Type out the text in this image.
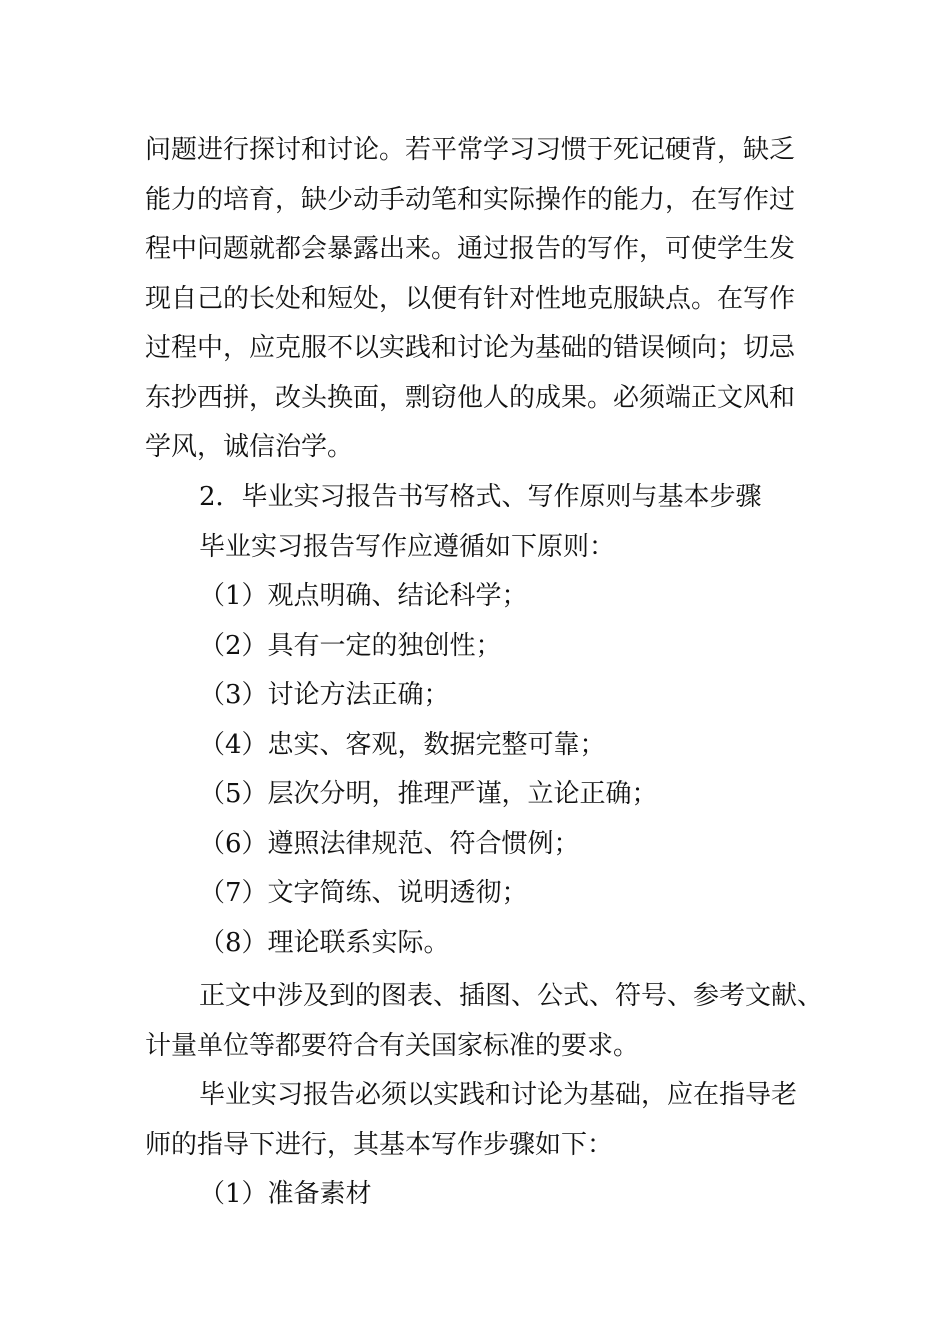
问题进行探讨和讨论。若平常学习习惯于死记硬背，缺乏
能力的培育，缺少动手动笔和实际操作的能力，在写作过
程中问题就都会暴露出来。通过报告的写作，可使学生发
现自己的长处和短处，以便有针对性地克服缺点。在写作
过程中，应克服不以实践和讨论为基础的错误倾向；切忌
东抄西拼，改头换面，剽窃他人的成果。必须端正文风和
学风，诚信治学。
2．毕业实习报告书写格式、写作原则与基本步骤
毕业实习报告写作应遵循如下原则：
（1）观点明确、结论科学；
（2）具有一定的独创性；
（3）讨论方法正确；
（4）忠实、客观，数据完整可靠；
（5）层次分明，推理严谨，立论正确；
（6）遵照法律规范、符合惯例；
（7）文字简练、说明透彻；
（8）理论联系实际。
正文中涉及到的图表、插图、公式、符号、参考文献、
计量单位等都要符合有关国家标准的要求。
毕业实习报告必须以实践和讨论为基础，应在指导老
师的指导下进行，其基本写作步骤如下：
（1）准备素材
